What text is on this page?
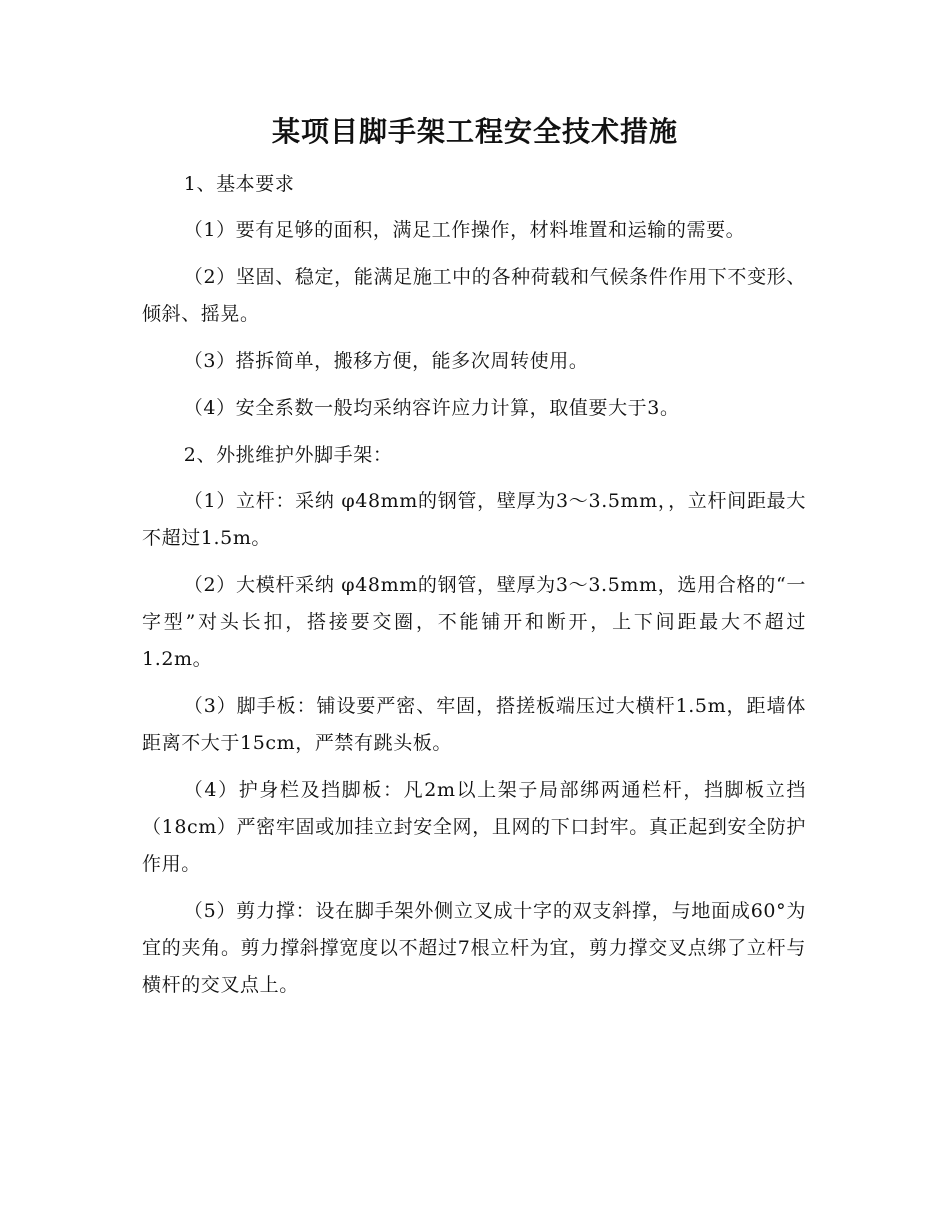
某项目脚手架工程安全技术措施

1、基本要求

（1）要有足够的面积，满足工作操作，材料堆置和运输的需要。

（2）坚固、稳定，能满足施工中的各种荷载和气候条件作用下不变形、倾斜、摇晃。

（3）搭拆简单，搬移方便，能多次周转使用。

（4）安全系数一般均采纳容许应力计算，取值要大于3。

2、外挑维护外脚手架：

（1）立杆：采纳 φ48mm的钢管，壁厚为3～3.5mm，，立杆间距最大不超过1.5m。

（2）大模杆采纳 φ48mm的钢管，壁厚为3～3.5mm，选用合格的“一字型”对头长扣，搭接要交圈，不能铺开和断开，上下间距最大不超过1.2m。

（3）脚手板：铺设要严密、牢固，搭搓板端压过大横杆1.5m，距墙体距离不大于15cm，严禁有跳头板。

（4）护身栏及挡脚板：凡2m以上架子局部绑两通栏杆，挡脚板立挡（18cm）严密牢固或加挂立封安全网，且网的下口封牢。真正起到安全防护作用。

（5）剪力撑：设在脚手架外侧立叉成十字的双支斜撑，与地面成60°为宜的夹角。剪力撑斜撑宽度以不超过7根立杆为宜，剪力撑交叉点绑了立杆与横杆的交叉点上。
